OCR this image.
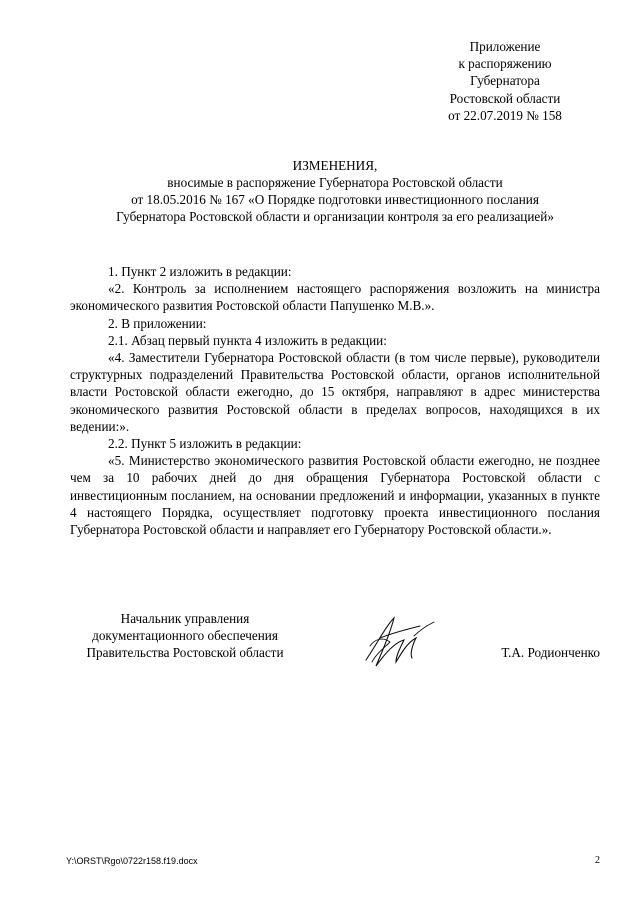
Приложение
к распоряжению
Губернатора
Ростовской области
от 22.07.2019 № 158
ИЗМЕНЕНИЯ,
вносимые в распоряжение Губернатора Ростовской области
от 18.05.2016 № 167 «О Порядке подготовки инвестиционного послания
Губернатора Ростовской области и организации контроля за его реализацией»
1. Пункт 2 изложить в редакции:
«2. Контроль за исполнением настоящего распоряжения возложить на министра экономического развития Ростовской области Папушенко М.В.».
2. В приложении:
2.1. Абзац первый пункта 4 изложить в редакции:
«4. Заместители Губернатора Ростовской области (в том числе первые), руководители структурных подразделений Правительства Ростовской области, органов исполнительной власти Ростовской области ежегодно, до 15 октября, направляют в адрес министерства экономического развития Ростовской области в пределах вопросов, находящихся в их ведении:».
2.2. Пункт 5 изложить в редакции:
«5. Министерство экономического развития Ростовской области ежегодно, не позднее чем за 10 рабочих дней до дня обращения Губернатора Ростовской области с инвестиционным посланием, на основании предложений и информации, указанных в пункте 4 настоящего Порядка, осуществляет подготовку проекта инвестиционного послания Губернатора Ростовской области и направляет его Губернатору Ростовской области.».
Начальник управления
документационного обеспечения
Правительства Ростовской области	Т.А. Родионченко
Y:\ORST\Rgo\0722r158.f19.docx	2
